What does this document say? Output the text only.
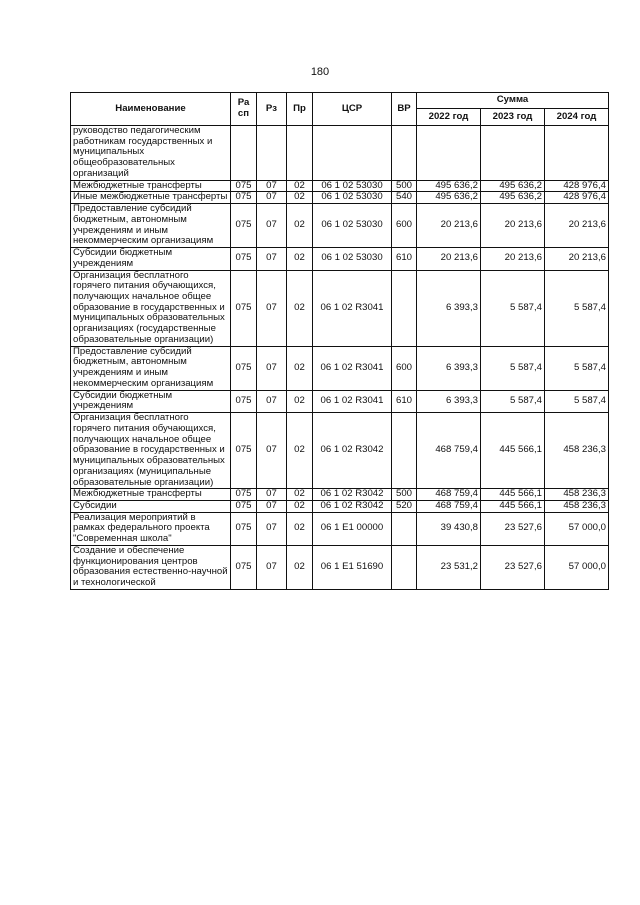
180
Наименование	Ра сп	Рз	Пр	ЦСР	ВР	Сумма		
						2022 год	2023 год	2024 год
руководство педагогическим работникам государственных и муниципальных общеобразовательных организаций								
Межбюджетные трансферты	075	07	02	06 1 02 53030	500	495 636,2	495 636,2	428 976,4
Иные межбюджетные трансферты	075	07	02	06 1 02 53030	540	495 636,2	495 636,2	428 976,4
Предоставление субсидий бюджетным, автономным учреждениям и иным некоммерческим организациям	075	07	02	06 1 02 53030	600	20 213,6	20 213,6	20 213,6
Субсидии бюджетным учреждениям	075	07	02	06 1 02 53030	610	20 213,6	20 213,6	20 213,6
Организация бесплатного горячего питания обучающихся, получающих начальное общее образование в государственных и муниципальных образовательных организациях (государственные образовательные организации)	075	07	02	06 1 02 R3041		6 393,3	5 587,4	5 587,4
Предоставление субсидий бюджетным, автономным учреждениям и иным некоммерческим организациям	075	07	02	06 1 02 R3041	600	6 393,3	5 587,4	5 587,4
Субсидии бюджетным учреждениям	075	07	02	06 1 02 R3041	610	6 393,3	5 587,4	5 587,4
Организация бесплатного горячего питания обучающихся, получающих начальное общее образование в государственных и муниципальных образовательных организациях (муниципальные образовательные организации)	075	07	02	06 1 02 R3042		468 759,4	445 566,1	458 236,3
Межбюджетные трансферты	075	07	02	06 1 02 R3042	500	468 759,4	445 566,1	458 236,3
Субсидии	075	07	02	06 1 02 R3042	520	468 759,4	445 566,1	458 236,3
Реализация мероприятий в рамках федерального проекта "Современная школа"	075	07	02	06 1 E1 00000		39 430,8	23 527,6	57 000,0
Создание и обеспечение функционирования центров образования естественно-научной и технологической	075	07	02	06 1 E1 51690		23 531,2	23 527,6	57 000,0
